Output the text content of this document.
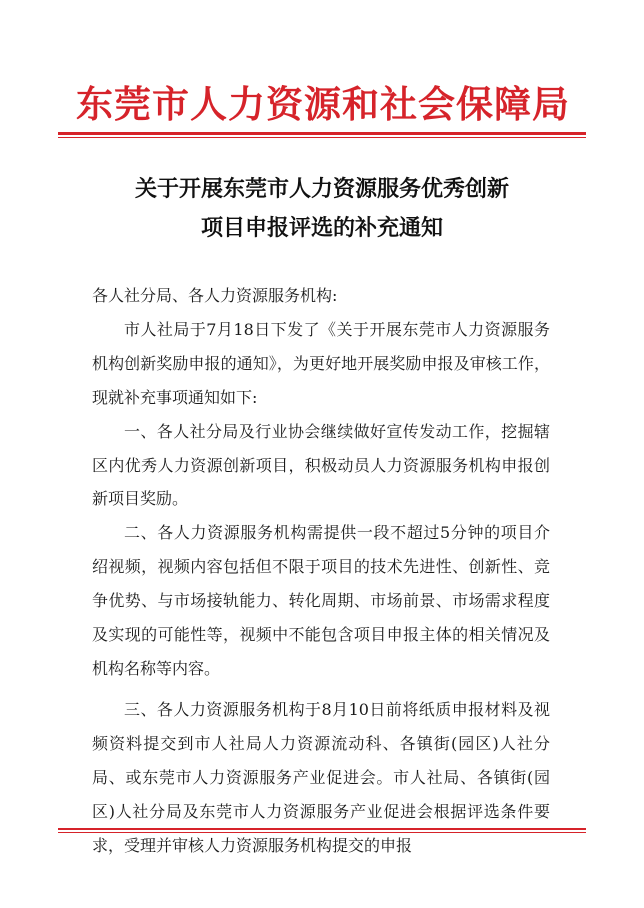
东莞市人力资源和社会保障局
关于开展东莞市人力资源服务优秀创新
项目申报评选的补充通知

各人社分局、各人力资源服务机构:

市人社局于7月18日下发了《关于开展东莞市人力资源服务机构创新奖励申报的通知》，为更好地开展奖励申报及审核工作，现就补充事项通知如下:

一、各人社分局及行业协会继续做好宣传发动工作，挖掘辖区内优秀人力资源创新项目，积极动员人力资源服务机构申报创新项目奖励。

二、各人力资源服务机构需提供一段不超过5分钟的项目介绍视频，视频内容包括但不限于项目的技术先进性、创新性、竞争优势、与市场接轨能力、转化周期、市场前景、市场需求程度及实现的可能性等，视频中不能包含项目申报主体的相关情况及机构名称等内容。

三、各人力资源服务机构于8月10日前将纸质申报材料及视频资料提交到市人社局人力资源流动科、各镇街(园区)人社分局、或东莞市人力资源服务产业促进会。市人社局、各镇街(园区)人社分局及东莞市人力资源服务产业促进会根据评选条件要求，受理并审核人力资源服务机构提交的申报
